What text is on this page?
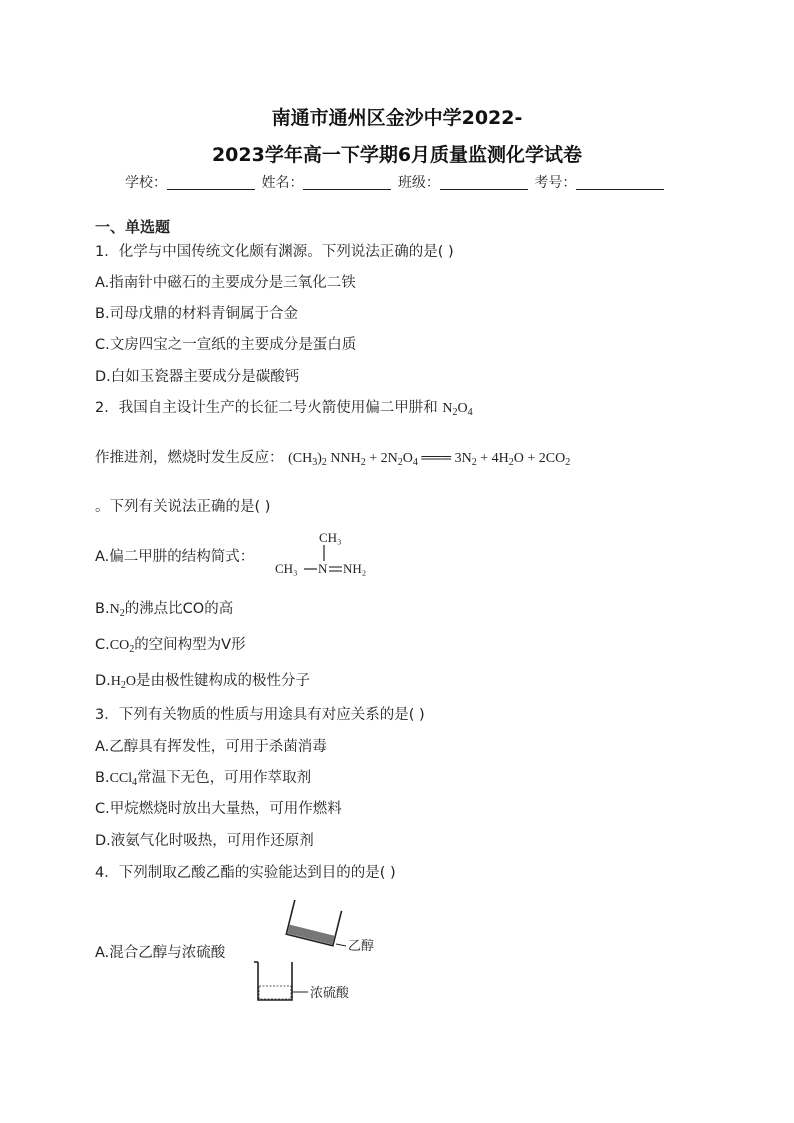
南通市通州区金沙中学2022-
2023学年高一下学期6月质量监测化学试卷
学校：	姓名：	班级：	考号：
一、单选题
1．化学与中国传统文化颇有渊源。下列说法正确的是( )
A.指南针中磁石的主要成分是三氧化二铁
B.司母戊鼎的材料青铜属于合金
C.文房四宝之一宣纸的主要成分是蛋白质
D.白如玉瓷器主要成分是碳酸钙
2．我国自主设计生产的长征二号火箭使用偏二甲肼和 $N_2O_4$
作推进剂，燃烧时发生反应： $(CH_3)_2$ $NNH_2 + 2N_2O_4$ ═══ $3N_2 + 4H_2O + 2CO_2$
。下列有关说法正确的是( )
A.偏二甲肼的结构简式：
CH₃
CH₃ N NH₂
$B.N_2$的沸点比CO的高
$C.CO_2$的空间构型为V形
$D.H_2O$是由极性键构成的极性分子
3．下列有关物质的性质与用途具有对应关系的是( )
A.乙醇具有挥发性，可用于杀菌消毒
B.CCl$_4$常温下无色，可用作萃取剂
C.甲烷燃烧时放出大量热，可用作燃料
D.液氨气化时吸热，可用作还原剂
4．下列制取乙酸乙酯的实验能达到目的的是( )
A.混合乙醇与浓硫酸	乙醇
浓硫酸
